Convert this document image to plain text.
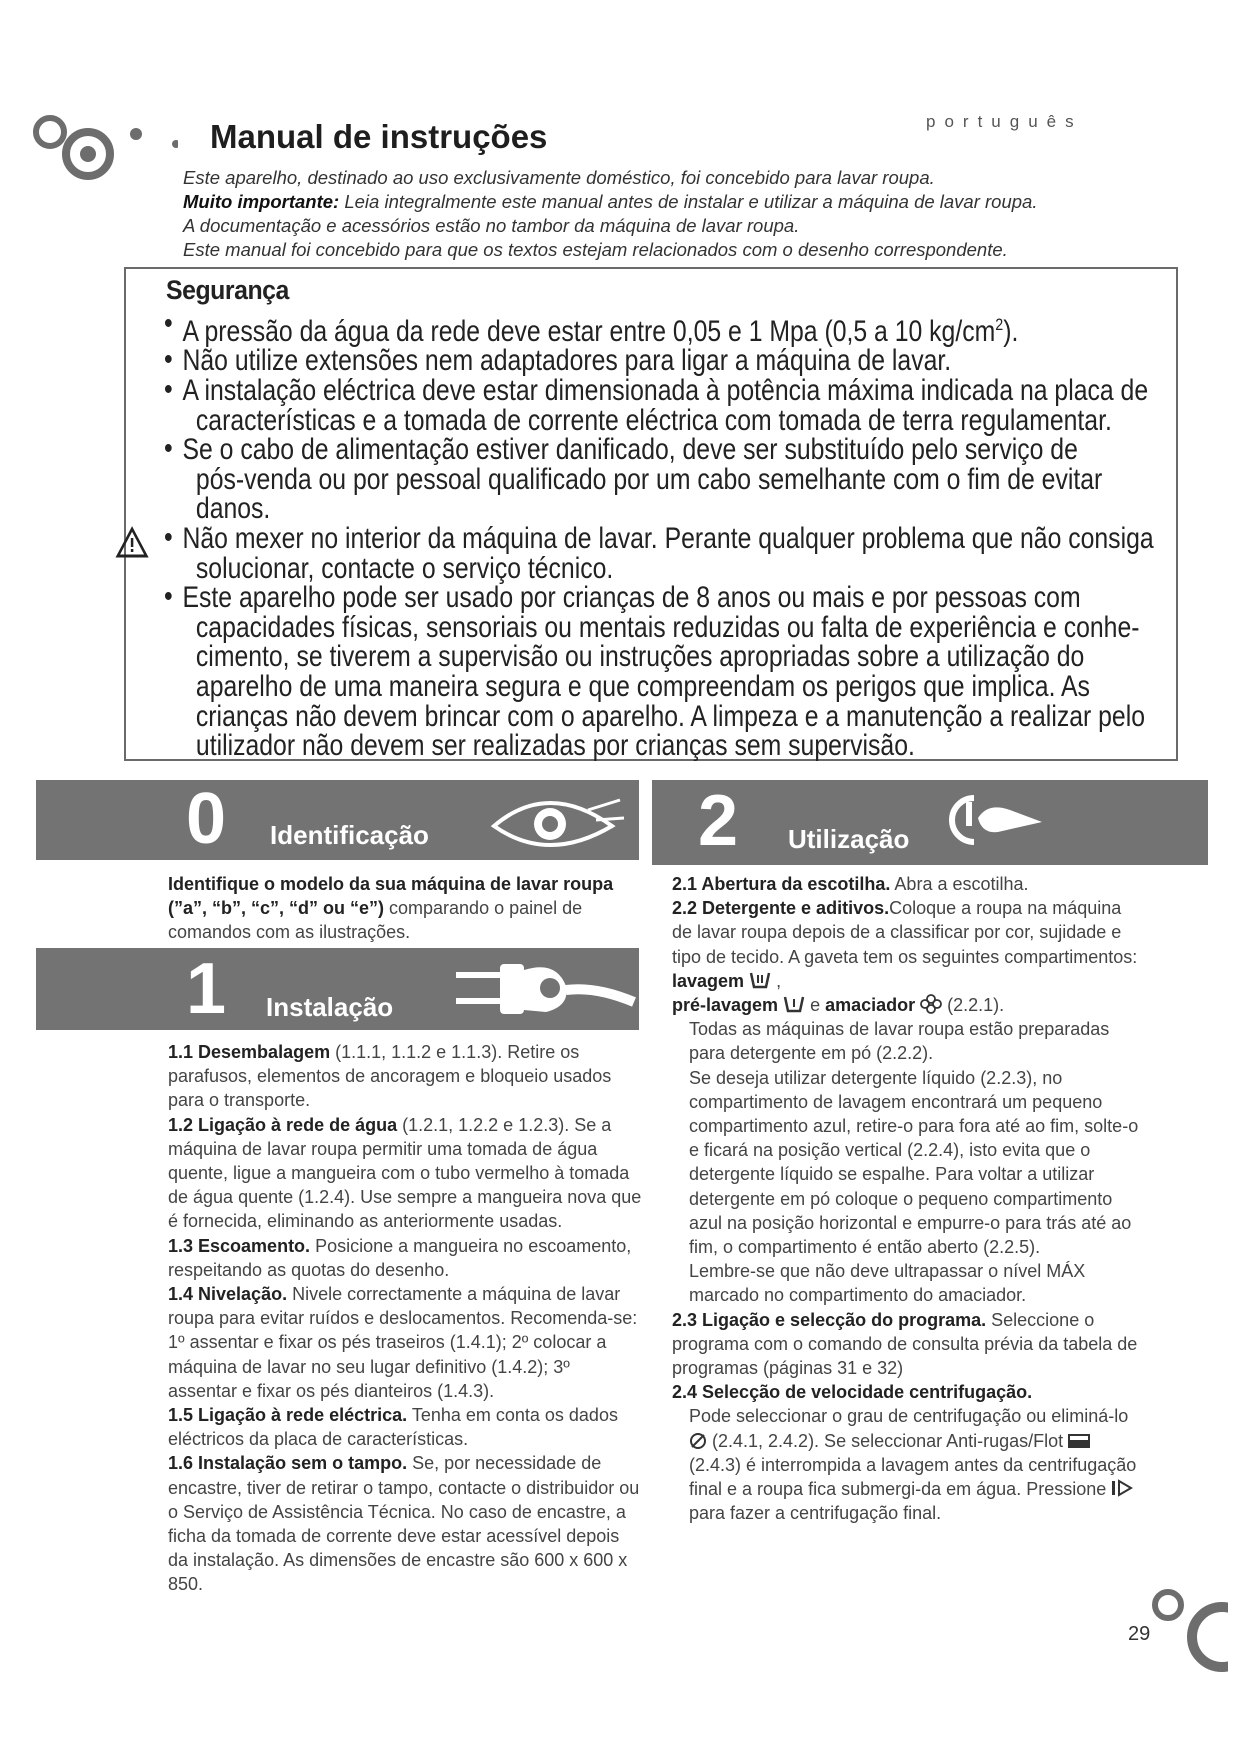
português
Manual de instruções

Este aparelho, destinado ao uso exclusivamente doméstico, foi concebido para lavar roupa.

Muito importante: Leia integralmente este manual antes de instalar e utilizar a máquina de lavar roupa.

A documentação e acessórios estão no tambor da máquina de lavar roupa.

Este manual foi concebido para que os textos estejam relacionados com o desenho correspondente.

Segurança
• A pressão da água da rede deve estar entre 0,05 e 1 Mpa (0,5 a 10 $kg/cm^2$).
• Não utilize extensões nem adaptadores para ligar a máquina de lavar.
• A instalação eléctrica deve estar dimensionada à potência máxima indicada na placa de
características e a tomada de corrente eléctrica com tomada de terra regulamentar.
• Se o cabo de alimentação estiver danificado, deve ser substituído pelo serviço de
pós-venda ou por pessoal qualificado por um cabo semelhante com o fim de evitar
danos.
• Não mexer no interior da máquina de lavar. Perante qualquer problema que não consiga
solucionar, contacte o serviço técnico.
• Este aparelho pode ser usado por crianças de 8 anos ou mais e por pessoas com
capacidades físicas, sensoriais ou mentais reduzidas ou falta de experiência e conhe-
cimento, se tiverem a supervisão ou instruções apropriadas sobre a utilização do
aparelho de uma maneira segura e que compreendam os perigos que implica. As
crianças não devem brincar com o aparelho. A limpeza e a manutenção a realizar pelo
utilizador não devem ser realizadas por crianças sem supervisão.
0 Identificação	2 Utilização

Identifique o modelo da sua máquina de lavar roupa (”a”, “b”, “c”, “d” ou “e”) comparando o painel de comandos com as ilustrações.

1 Instalação

1.1 Desembalagem (1.1.1, 1.1.2 e 1.1.3). Retire os parafusos, elementos de ancoragem e bloqueio usados para o transporte.

1.2 Ligação à rede de água (1.2.1, 1.2.2 e 1.2.3). Se a máquina de lavar roupa permitir uma tomada de água quente, ligue a mangueira com o tubo vermelho à tomada de água quente (1.2.4). Use sempre a mangueira nova que é fornecida, eliminando as anteriormente usadas.

1.3 Escoamento. Posicione a mangueira no escoamento, respeitando as quotas do desenho.

1.4 Nivelação. Nivele correctamente a máquina de lavar roupa para evitar ruídos e deslocamentos. Recomenda-se: 1º assentar e fixar os pés traseiros (1.4.1); 2º colocar a máquina de lavar no seu lugar definitivo (1.4.2); 3º assentar e fixar os pés dianteiros (1.4.3).

1.5 Ligação à rede eléctrica. Tenha em conta os dados eléctricos da placa de características.

1.6 Instalação sem o tampo. Se, por necessidade de encastre, tiver de retirar o tampo, contacte o distribuidor ou o Serviço de Assistência Técnica. No caso de encastre, a ficha da tomada de corrente deve estar acessível depois da instalação. As dimensões de encastre são 600 x 600 x 850.

2.1 Abertura da escotilha. Abra a escotilha.

2.2 Detergente e aditivos.Coloque a roupa na máquina de lavar roupa depois de a classificar por cor, sujidade e tipo de tecido. A gaveta tem os seguintes compartimentos: lavagem  ,
pré-lavagem  e amaciador  (2.2.1).

Todas as máquinas de lavar roupa estão preparadas para detergente em pó (2.2.2).

Se deseja utilizar detergente líquido (2.2.3), no compartimento de lavagem encontrará um pequeno compartimento azul, retire-o para fora até ao fim, solte-o e ficará na posição vertical (2.2.4), isto evita que o detergente líquido se espalhe. Para voltar a utilizar detergente em pó coloque o pequeno compartimento azul na posição horizontal e empurre-o para trás até ao fim, o compartimento é então aberto (2.2.5).

Lembre-se que não deve ultrapassar o nível MÁX marcado no compartimento do amaciador.

2.3 Ligação e selecção do programa. Seleccione o programa com o comando de consulta prévia da tabela de programas (páginas 31 e 32)

2.4 Selecção de velocidade centrifugação.

Pode seleccionar o grau de centrifugação ou eliminá-lo  (2.4.1, 2.4.2). Se seleccionar Anti-rugas/Flot  (2.4.3) é interrompida a lavagem antes da centrifugação final e a roupa fica submergi-da em água. Pressione  para fazer a centrifugação final.

29
